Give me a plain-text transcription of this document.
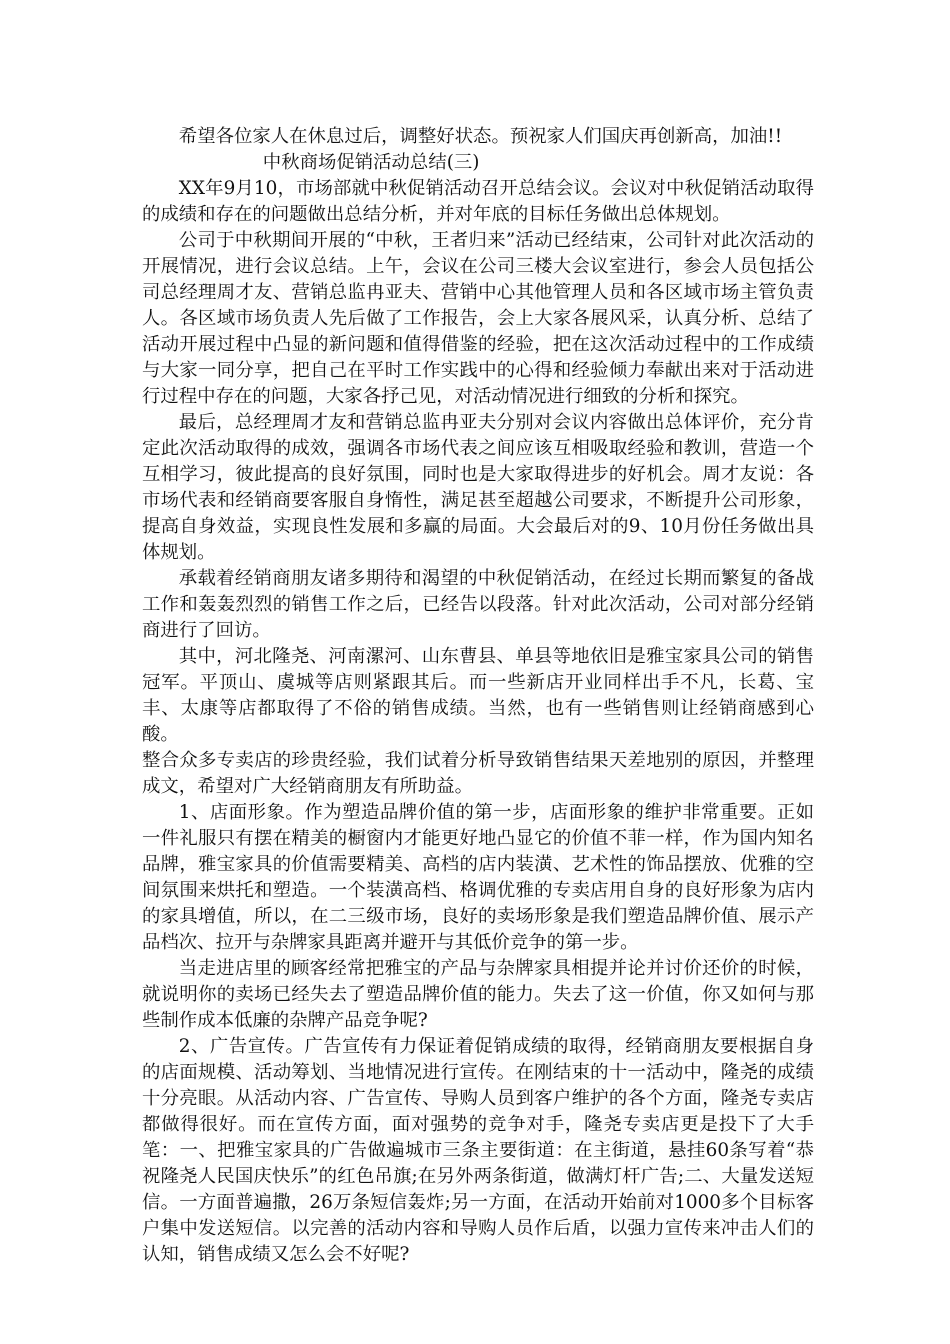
希望各位家人在休息过后，调整好状态。预祝家人们国庆再创新高，加油!!

中秋商场促销活动总结(三)

XX年9月10，市场部就中秋促销活动召开总结会议。会议对中秋促销活动取得的成绩和存在的问题做出总结分析，并对年底的目标任务做出总体规划。

公司于中秋期间开展的“中秋，王者归来”活动已经结束，公司针对此次活动的开展情况，进行会议总结。上午，会议在公司三楼大会议室进行，参会人员包括公司总经理周才友、营销总监冉亚夫、营销中心其他管理人员和各区域市场主管负责人。各区域市场负责人先后做了工作报告，会上大家各展风采，认真分析、总结了活动开展过程中凸显的新问题和值得借鉴的经验，把在这次活动过程中的工作成绩与大家一同分享，把自己在平时工作实践中的心得和经验倾力奉献出来对于活动进行过程中存在的问题，大家各抒己见，对活动情况进行细致的分析和探究。

最后，总经理周才友和营销总监冉亚夫分别对会议内容做出总体评价，充分肯定此次活动取得的成效，强调各市场代表之间应该互相吸取经验和教训，营造一个互相学习，彼此提高的良好氛围，同时也是大家取得进步的好机会。周才友说：各市场代表和经销商要客服自身惰性，满足甚至超越公司要求，不断提升公司形象，提高自身效益，实现良性发展和多赢的局面。大会最后对的9、10月份任务做出具体规划。

承载着经销商朋友诸多期待和渴望的中秋促销活动，在经过长期而繁复的备战工作和轰轰烈烈的销售工作之后，已经告以段落。针对此次活动，公司对部分经销商进行了回访。

其中，河北隆尧、河南漯河、山东曹县、单县等地依旧是雅宝家具公司的销售冠军。平顶山、虞城等店则紧跟其后。而一些新店开业同样出手不凡，长葛、宝丰、太康等店都取得了不俗的销售成绩。当然，也有一些销售则让经销商感到心酸。

整合众多专卖店的珍贵经验，我们试着分析导致销售结果天差地别的原因，并整理成文，希望对广大经销商朋友有所助益。

1、店面形象。作为塑造品牌价值的第一步，店面形象的维护非常重要。正如一件礼服只有摆在精美的橱窗内才能更好地凸显它的价值不菲一样，作为国内知名品牌，雅宝家具的价值需要精美、高档的店内装潢、艺术性的饰品摆放、优雅的空间氛围来烘托和塑造。一个装潢高档、格调优雅的专卖店用自身的良好形象为店内的家具增值，所以，在二三级市场，良好的卖场形象是我们塑造品牌价值、展示产品档次、拉开与杂牌家具距离并避开与其低价竞争的第一步。

当走进店里的顾客经常把雅宝的产品与杂牌家具相提并论并讨价还价的时候，就说明你的卖场已经失去了塑造品牌价值的能力。失去了这一价值，你又如何与那些制作成本低廉的杂牌产品竞争呢?

2、广告宣传。广告宣传有力保证着促销成绩的取得，经销商朋友要根据自身的店面规模、活动筹划、当地情况进行宣传。在刚结束的十一活动中，隆尧的成绩十分亮眼。从活动内容、广告宣传、导购人员到客户维护的各个方面，隆尧专卖店都做得很好。而在宣传方面，面对强势的竞争对手，隆尧专卖店更是投下了大手笔：一、把雅宝家具的广告做遍城市三条主要街道：在主街道，悬挂60条写着“恭祝隆尧人民国庆快乐”的红色吊旗;在另外两条街道，做满灯杆广告;二、大量发送短信。一方面普遍撒，26万条短信轰炸;另一方面，在活动开始前对1000多个目标客户集中发送短信。以完善的活动内容和导购人员作后盾，以强力宣传来冲击人们的认知，销售成绩又怎么会不好呢?
